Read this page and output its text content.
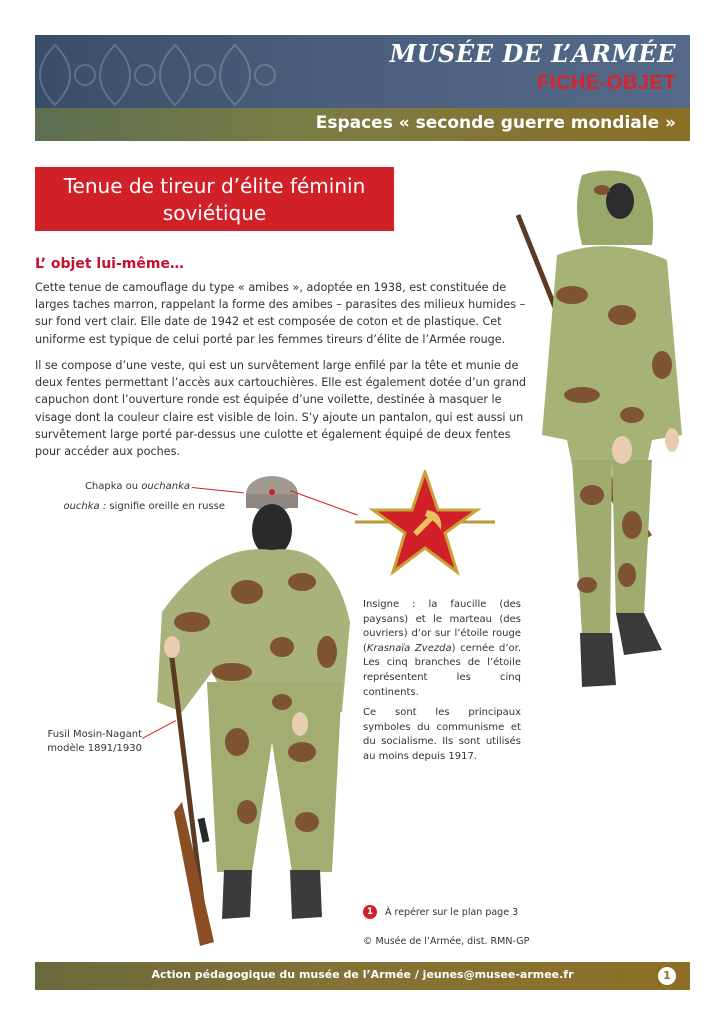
MUSÉE DE L’ARMÉE
FICHE-OBJET
Espaces « seconde guerre mondiale »
Tenue de tireur d’élite féminin
soviétique
L’ objet lui-même…

Cette tenue de camouflage du type « amibes », adoptée en 1938, est constituée de larges taches marron, rappelant la forme des amibes – parasites des milieux humides – sur fond vert clair. Elle date de 1942 et est composée de coton et de plastique. Cet uniforme est typique de celui porté par les femmes tireurs d’élite de l’Armée rouge.

Il se compose d’une veste, qui est un survêtement large enfilé par la tête et munie de deux fentes permettant l’accès aux cartouchières. Elle est également dotée d’un grand capuchon dont l’ouverture ronde est équipée d’une voilette, destinée à masquer le visage dont la couleur claire est visible de loin. S’y ajoute un pantalon, qui est aussi un survêtement large porté par-dessus une culotte et également équipé de deux fentes pour accéder aux poches.

Chapka ou ouchanka
ouchka : signifie oreille en russe
Fusil Mosin-Nagant
modèle 1891/1930

Insigne : la faucille (des paysans) et le marteau (des ouvriers) d’or sur l’étoile rouge (Krasnaïa Zvezda) cernée d’or. Les cinq branches de l’étoile représentent les cinq continents.

Ce sont les principaux symboles du communisme et du socialisme. Ils sont utilisés au moins depuis 1917.

1	À repérer sur le plan page 3
© Musée de l’Armée, dist. RMN-GP
Action pédagogique du musée de l’Armée / jeunes@musee-armee.fr	1
